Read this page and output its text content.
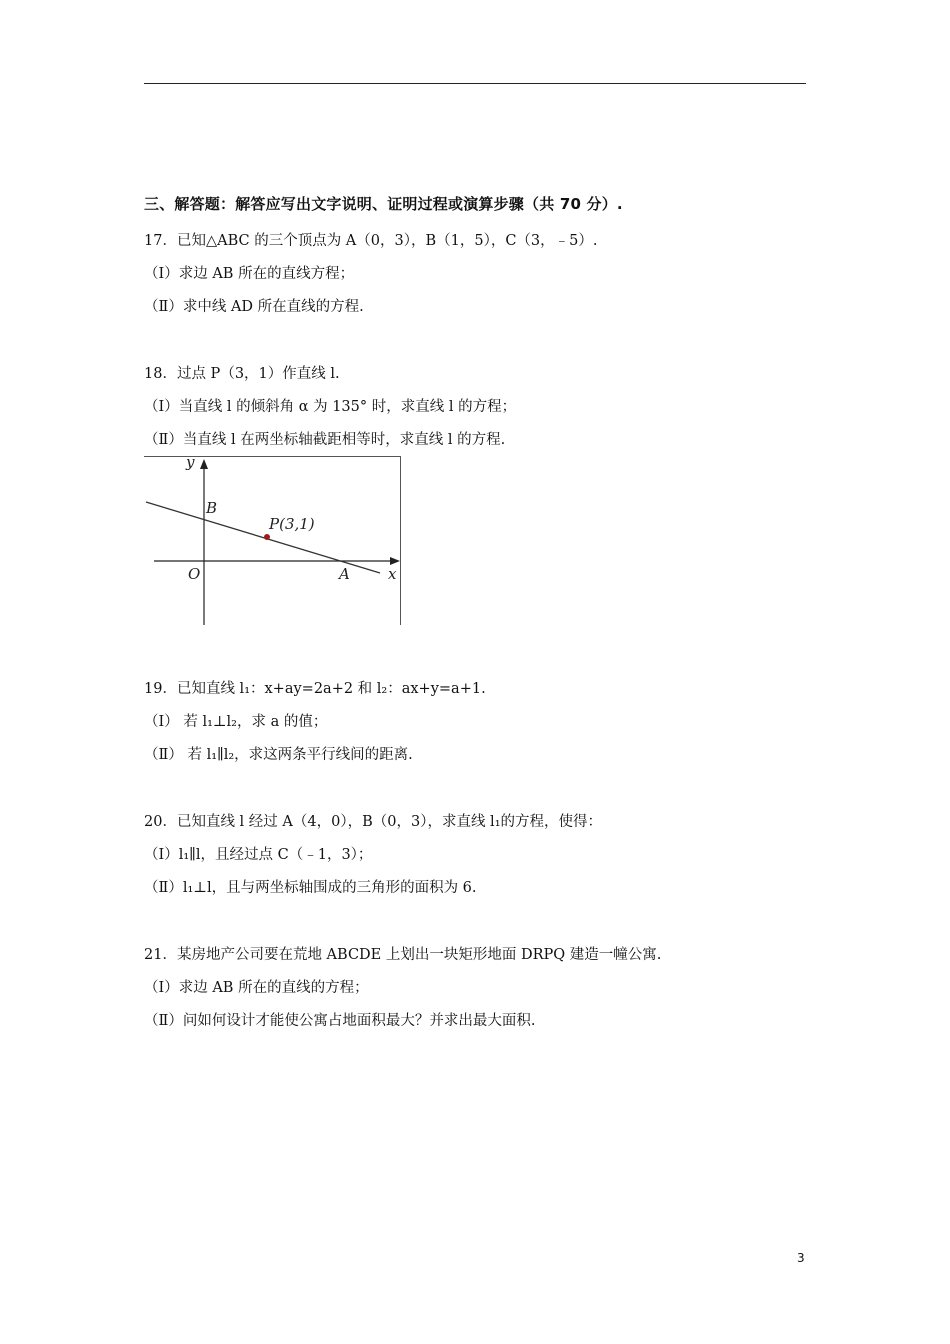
三、解答题：解答应写出文字说明、证明过程或演算步骤（共 70 分）.
17．已知△ABC 的三个顶点为 A（0，3），B（1，5），C（3，﹣5）.
（Ⅰ）求边 AB 所在的直线方程；
（Ⅱ）求中线 AD 所在直线的方程.
18．过点 P（3，1）作直线 l.
（Ⅰ）当直线 l 的倾斜角 α 为 135° 时，求直线 l 的方程；
（Ⅱ）当直线 l 在两坐标轴截距相等时，求直线 l 的方程.
y
x
O	A
B
P(3,1)
19．已知直线 l₁：x+ay=2a+2 和 l₂：ax+y=a+1.
（Ⅰ） 若 l₁⊥l₂，求 a 的值；
（Ⅱ） 若 l₁∥l₂，求这两条平行线间的距离.
20．已知直线 l 经过 A（4，0），B（0，3），求直线 l₁的方程，使得：
（Ⅰ）l₁∥l，且经过点 C（﹣1，3）；
（Ⅱ）l₁⊥l，且与两坐标轴围成的三角形的面积为 6.
21．某房地产公司要在荒地 ABCDE 上划出一块矩形地面 DRPQ 建造一幢公寓.
（Ⅰ）求边 AB 所在的直线的方程；
（Ⅱ）问如何设计才能使公寓占地面积最大？并求出最大面积.
3
